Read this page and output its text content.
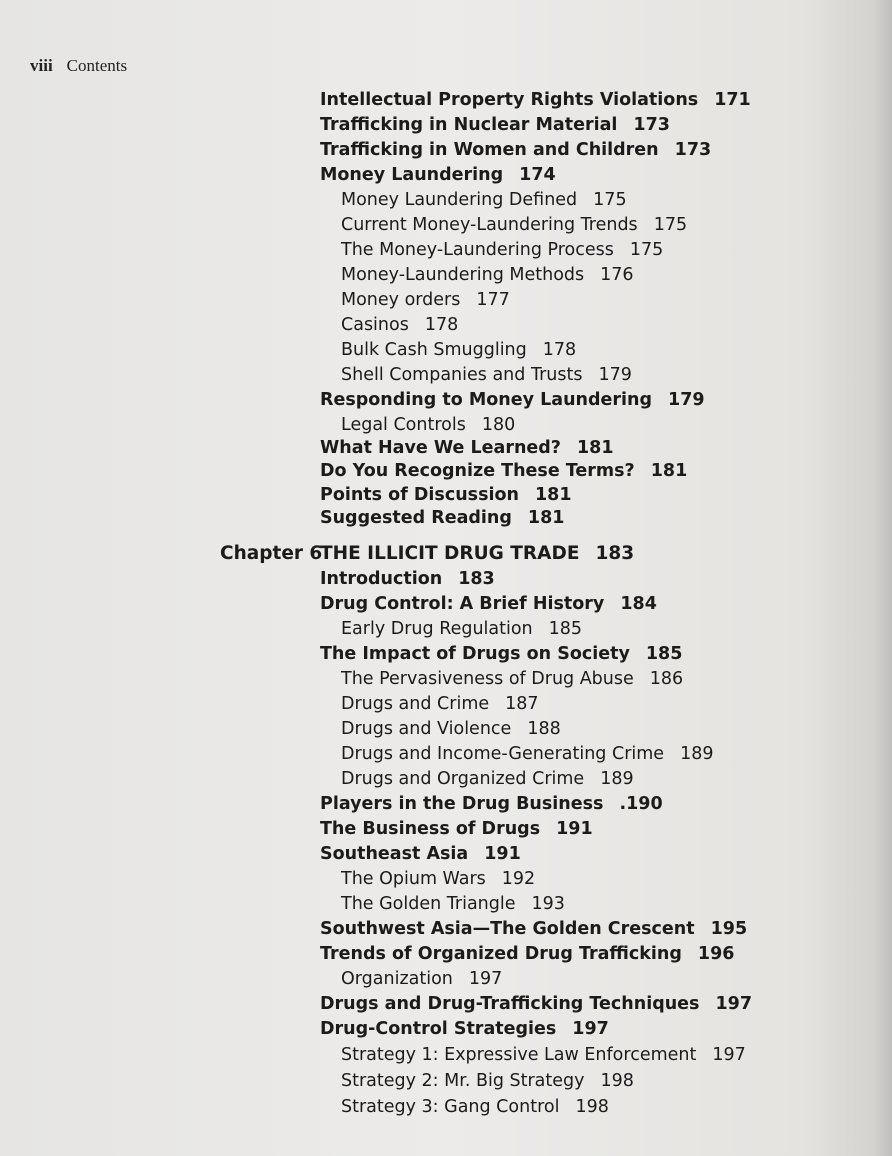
viii Contents
Chapter 6
Intellectual Property Rights Violations 171
Trafficking in Nuclear Material 173
Trafficking in Women and Children 173
Money Laundering 174
Money Laundering Defined 175
Current Money-Laundering Trends 175
The Money-Laundering Process 175
Money-Laundering Methods 176
Money orders 177
Casinos 178
Bulk Cash Smuggling 178
Shell Companies and Trusts 179
Responding to Money Laundering 179
Legal Controls 180
What Have We Learned? 181
Do You Recognize These Terms? 181
Points of Discussion 181
Suggested Reading 181
THE ILLICIT DRUG TRADE 183
Introduction 183
Drug Control: A Brief History 184
Early Drug Regulation 185
The Impact of Drugs on Society 185
The Pervasiveness of Drug Abuse 186
Drugs and Crime 187
Drugs and Violence 188
Drugs and Income-Generating Crime 189
Drugs and Organized Crime 189
Players in the Drug Business .190
The Business of Drugs 191
Southeast Asia 191
The Opium Wars 192
The Golden Triangle 193
Southwest Asia—The Golden Crescent 195
Trends of Organized Drug Trafficking 196
Organization 197
Drugs and Drug-Trafficking Techniques 197
Drug-Control Strategies 197
Strategy 1: Expressive Law Enforcement 197
Strategy 2: Mr. Big Strategy 198
Strategy 3: Gang Control 198
